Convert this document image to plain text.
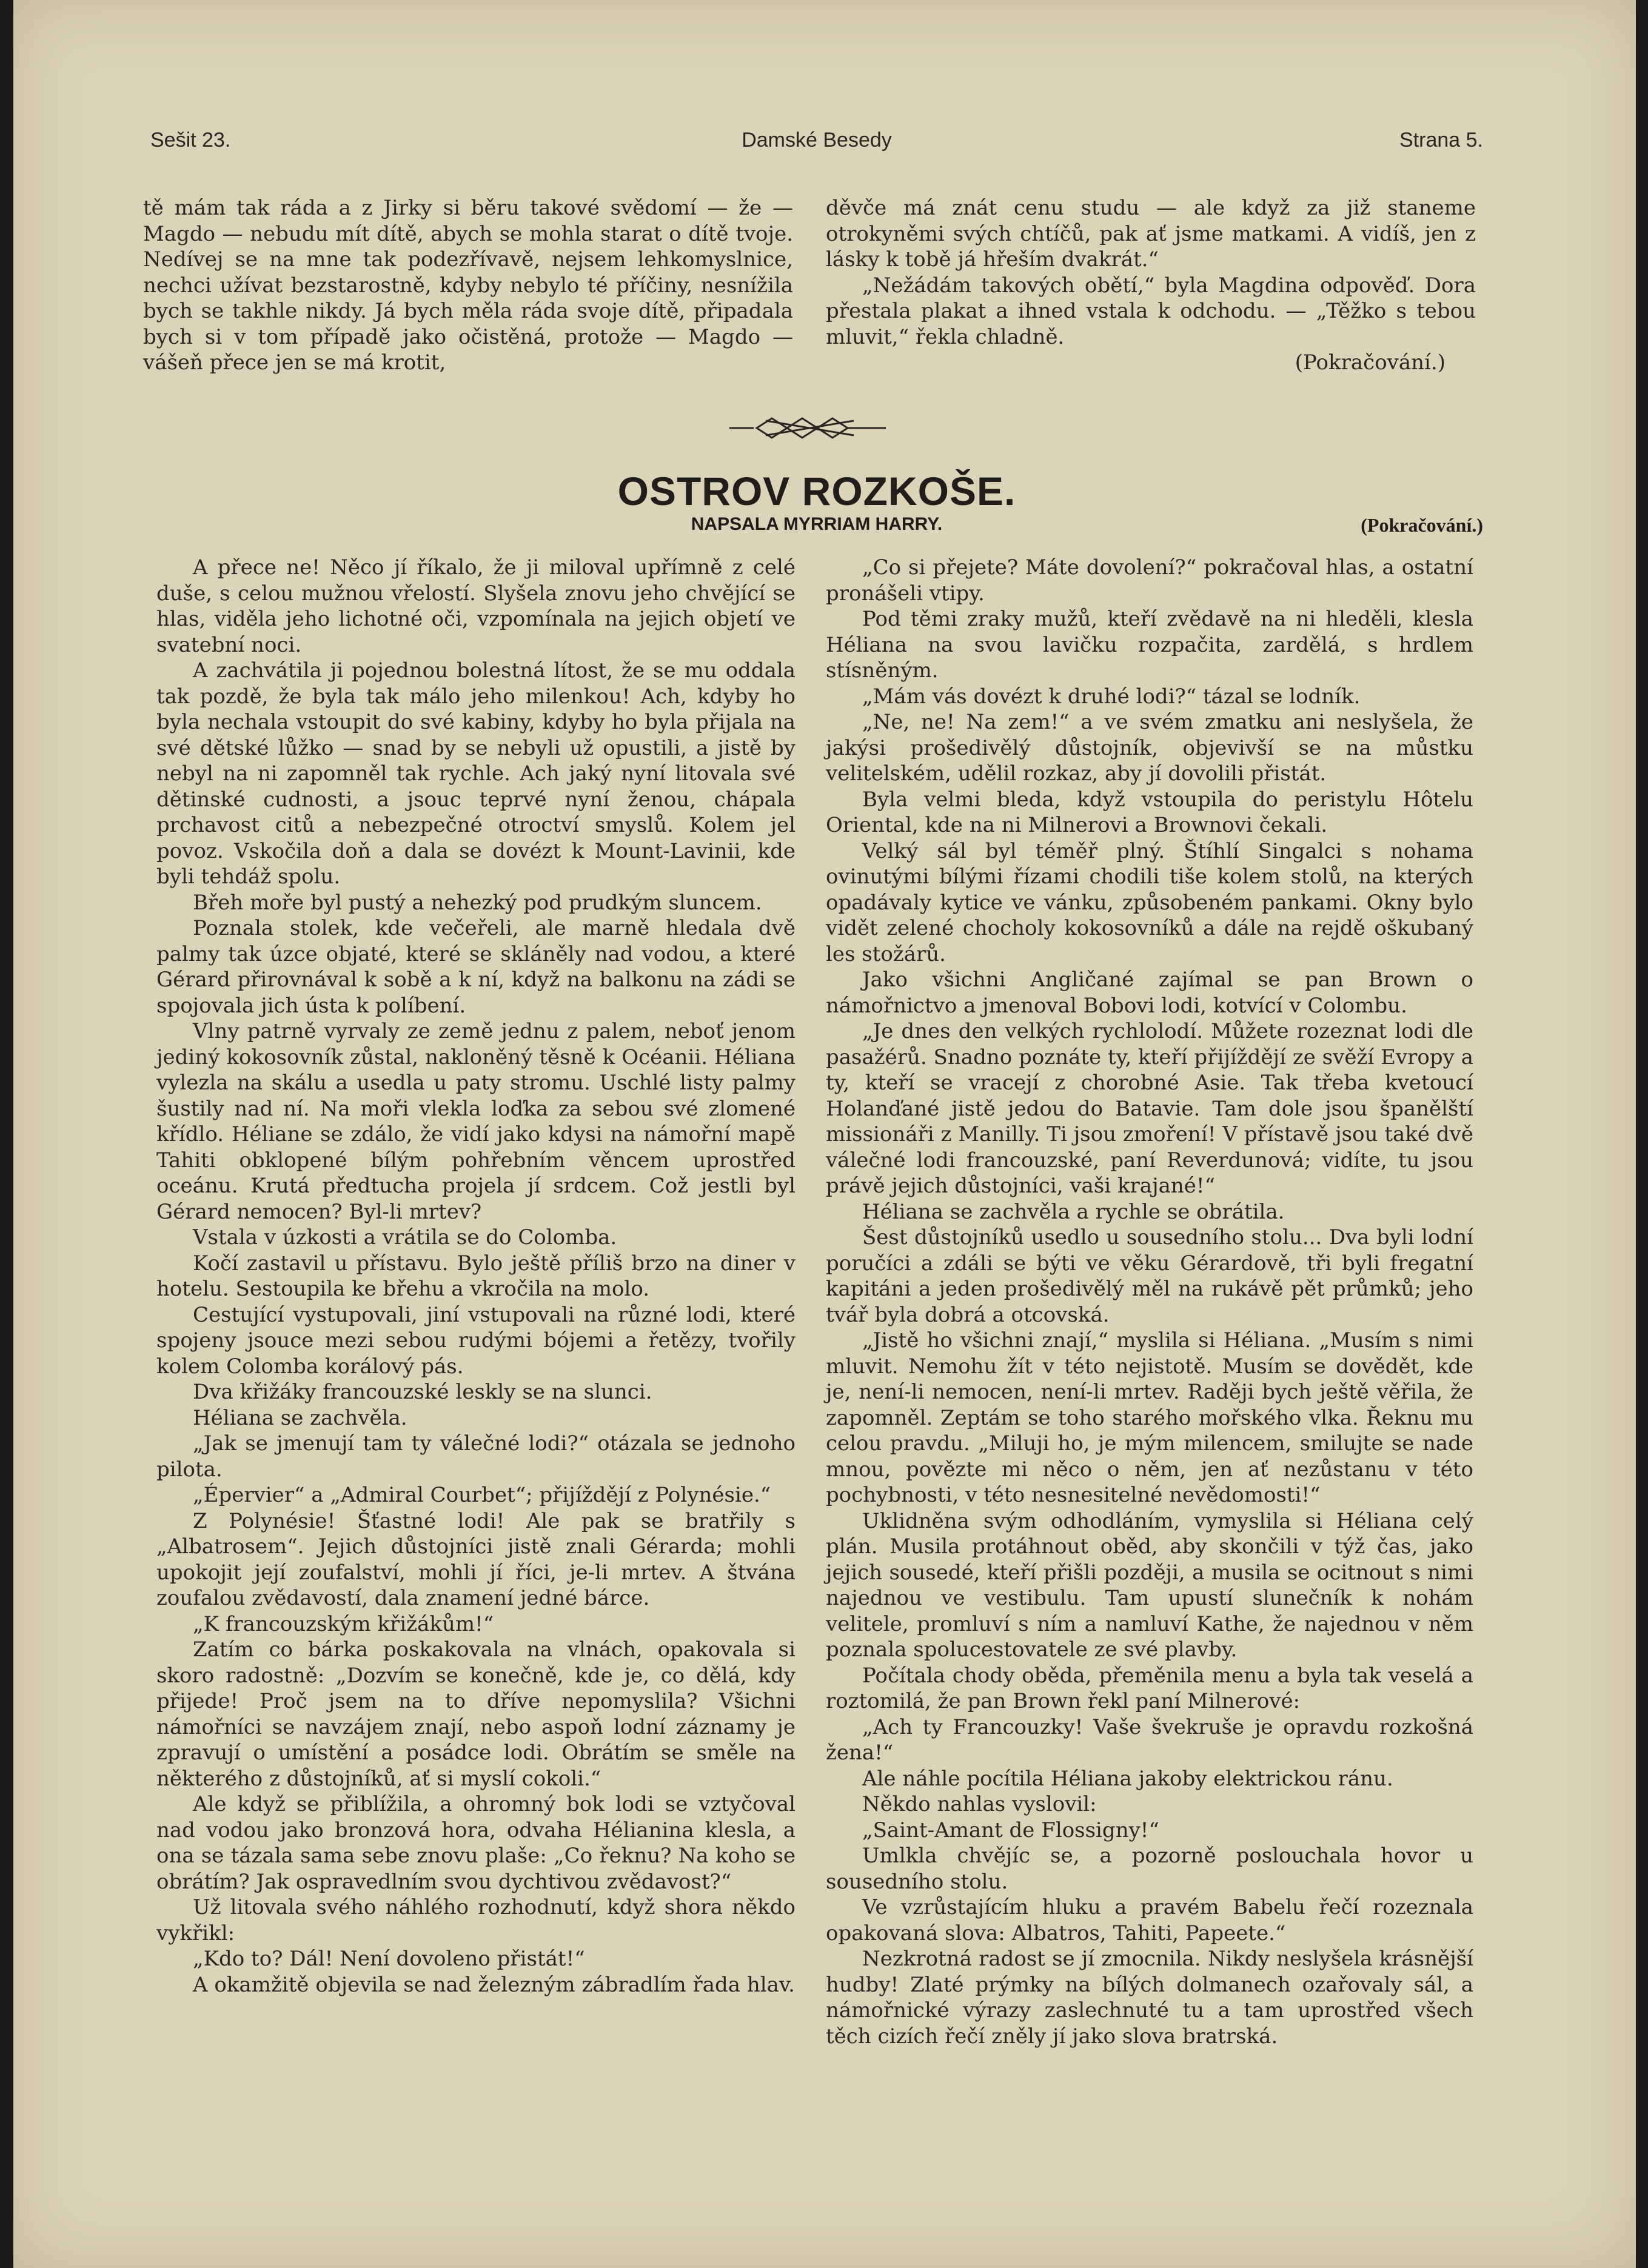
Sešit 23.	Damské Besedy	Strana 5.

tě mám tak ráda a z Jirky si běru takové svědomí — že — Magdo — nebudu mít dítě, abych se mohla starat o dítě tvoje. Nedívej se na mne tak podezřívavě, nejsem lehkomyslnice, nechci užívat bezstarostně, kdyby nebylo té příčiny, nesnížila bych se takhle nikdy. Já bych měla ráda svoje dítě, připadala bych si v tom případě jako očistěná, protože — Magdo — vášeň přece jen se má krotit,

děvče má znát cenu studu — ale když za již staneme otrokyněmi svých chtíčů, pak ať jsme matkami. A vidíš, jen z lásky k tobě já hřeším dvakrát.“

„Nežádám takových obětí,“ byla Magdina odpověď. Dora přestala plakat a ihned vstala k odchodu. — „Těžko s tebou mluvit,“ řekla chladně.

(Pokračování.)

OSTROV ROZKOŠE.
NAPSALA MYRRIAM HARRY.	(Pokračování.)

A přece ne! Něco jí říkalo, že ji miloval upřímně z celé duše, s celou mužnou vřelostí. Slyšela znovu jeho chvějící se hlas, viděla jeho lichotné oči, vzpomínala na jejich objetí ve svatební noci.

A zachvátila ji pojednou bolestná lítost, že se mu oddala tak pozdě, že byla tak málo jeho milenkou! Ach, kdyby ho byla nechala vstoupit do své kabiny, kdyby ho byla přijala na své dětské lůžko — snad by se nebyli už opustili, a jistě by nebyl na ni zapomněl tak rychle. Ach jaký nyní litovala své dětinské cudnosti, a jsouc teprvé nyní ženou, chápala prchavost citů a nebezpečné otroctví smyslů. Kolem jel povoz. Vskočila doň a dala se dovézt k Mount-Lavinii, kde byli tehdáž spolu.

Břeh moře byl pustý a nehezký pod prudkým sluncem.

Poznala stolek, kde večeřeli, ale marně hledala dvě palmy tak úzce objaté, které se skláněly nad vodou, a které Gérard přirovnával k sobě a k ní, když na balkonu na zádi se spojovala jich ústa k políbení.

Vlny patrně vyrvaly ze země jednu z palem, neboť jenom jediný kokosovník zůstal, nakloněný těsně k Océanii. Héliana vylezla na skálu a usedla u paty stromu. Uschlé listy palmy šustily nad ní. Na moři vlekla loďka za sebou své zlomené křídlo. Héliane se zdálo, že vidí jako kdysi na námořní mapě Tahiti obklopené bílým pohřebním věncem uprostřed oceánu. Krutá předtucha projela jí srdcem. Což jestli byl Gérard nemocen? Byl-li mrtev?

Vstala v úzkosti a vrátila se do Colomba.

Kočí zastavil u přístavu. Bylo ještě příliš brzo na diner v hotelu. Sestoupila ke břehu a vkročila na molo.

Cestující vystupovali, jiní vstupovali na různé lodi, které spojeny jsouce mezi sebou rudými bójemi a řetězy, tvořily kolem Colomba korálový pás.

Dva křižáky francouzské leskly se na slunci.

Héliana se zachvěla.

„Jak se jmenují tam ty válečné lodi?“ otázala se jednoho pilota.

„Épervier“ a „Admiral Courbet“; přijíždějí z Polynésie.“

Z Polynésie! Šťastné lodi! Ale pak se bratřily s „Albatrosem“. Jejich důstojníci jistě znali Gérarda; mohli upokojit její zoufalství, mohli jí říci, je-li mrtev. A štvána zoufalou zvědavostí, dala znamení jedné bárce.

„K francouzským křižákům!“

Zatím co bárka poskakovala na vlnách, opakovala si skoro radostně: „Dozvím se konečně, kde je, co dělá, kdy přijede! Proč jsem na to dříve nepomyslila? Všichni námořníci se navzájem znají, nebo aspoň lodní záznamy je zpravují o umístění a posádce lodi. Obrátím se směle na některého z důstojníků, ať si myslí cokoli.“

Ale když se přiblížila, a ohromný bok lodi se vztyčoval nad vodou jako bronzová hora, odvaha Hélianina klesla, a ona se tázala sama sebe znovu plaše: „Co řeknu? Na koho se obrátím? Jak ospravedlním svou dychtivou zvědavost?“

Už litovala svého náhlého rozhodnutí, když shora někdo vykřikl:

„Kdo to? Dál! Není dovoleno přistát!“

A okamžitě objevila se nad železným zábradlím řada hlav.

„Co si přejete? Máte dovolení?“ pokračoval hlas, a ostatní pronášeli vtipy.

Pod těmi zraky mužů, kteří zvědavě na ni hleděli, klesla Héliana na svou lavičku rozpačita, zardělá, s hrdlem stísněným.

„Mám vás dovézt k druhé lodi?“ tázal se lodník.

„Ne, ne! Na zem!“ a ve svém zmatku ani neslyšela, že jakýsi prošedivělý důstojník, objevivší se na můstku velitelském, udělil rozkaz, aby jí dovolili přistát.

Byla velmi bleda, když vstoupila do peristylu Hôtelu Oriental, kde na ni Milnerovi a Brownovi čekali.

Velký sál byl téměř plný. Štíhlí Singalci s nohama ovinutými bílými řízami chodili tiše kolem stolů, na kterých opadávaly kytice ve vánku, způsobeném pankami. Okny bylo vidět zelené chocholy kokosovníků a dále na rejdě oškubaný les stožárů.

Jako všichni Angličané zajímal se pan Brown o námořnictvo a jmenoval Bobovi lodi, kotvící v Colombu.

„Je dnes den velkých rychlolodí. Můžete rozeznat lodi dle pasažérů. Snadno poznáte ty, kteří přijíždějí ze svěží Evropy a ty, kteří se vracejí z chorobné Asie. Tak třeba kvetoucí Holanďané jistě jedou do Batavie. Tam dole jsou španělští missionáři z Manilly. Ti jsou zmoření! V přístavě jsou také dvě válečné lodi francouzské, paní Reverdunová; vidíte, tu jsou právě jejich důstojníci, vaši krajané!“

Héliana se zachvěla a rychle se obrátila.

Šest důstojníků usedlo u sousedního stolu... Dva byli lodní poručíci a zdáli se býti ve věku Gérardově, tři byli fregatní kapitáni a jeden prošedivělý měl na rukávě pět průmků; jeho tvář byla dobrá a otcovská.

„Jistě ho všichni znají,“ myslila si Héliana. „Musím s nimi mluvit. Nemohu žít v této nejistotě. Musím se dovědět, kde je, není-li nemocen, není-li mrtev. Raději bych ještě věřila, že zapomněl. Zeptám se toho starého mořského vlka. Řeknu mu celou pravdu. „Miluji ho, je mým milencem, smilujte se nade mnou, povězte mi něco o něm, jen ať nezůstanu v této pochybnosti, v této nesnesitelné nevědomosti!“

Uklidněna svým odhodláním, vymyslila si Héliana celý plán. Musila protáhnout oběd, aby skončili v týž čas, jako jejich sousedé, kteří přišli později, a musila se ocitnout s nimi najednou ve vestibulu. Tam upustí slunečník k nohám velitele, promluví s ním a namluví Kathe, že najednou v něm poznala spolucestovatele ze své plavby.

Počítala chody oběda, přeměnila menu a byla tak veselá a roztomilá, že pan Brown řekl paní Milnerové:

„Ach ty Francouzky! Vaše švekruše je opravdu rozkošná žena!“

Ale náhle pocítila Héliana jakoby elektrickou ránu.

Někdo nahlas vyslovil:

„Saint-Amant de Flossigny!“

Umlkla chvějíc se, a pozorně poslouchala hovor u sousedního stolu.

Ve vzrůstajícím hluku a pravém Babelu řečí rozeznala opakovaná slova: Albatros, Tahiti, Papeete.“

Nezkrotná radost se jí zmocnila. Nikdy neslyšela krásnější hudby! Zlaté prýmky na bílých dolmanech ozařovaly sál, a námořnické výrazy zaslechnuté tu a tam uprostřed všech těch cizích řečí zněly jí jako slova bratrská.
